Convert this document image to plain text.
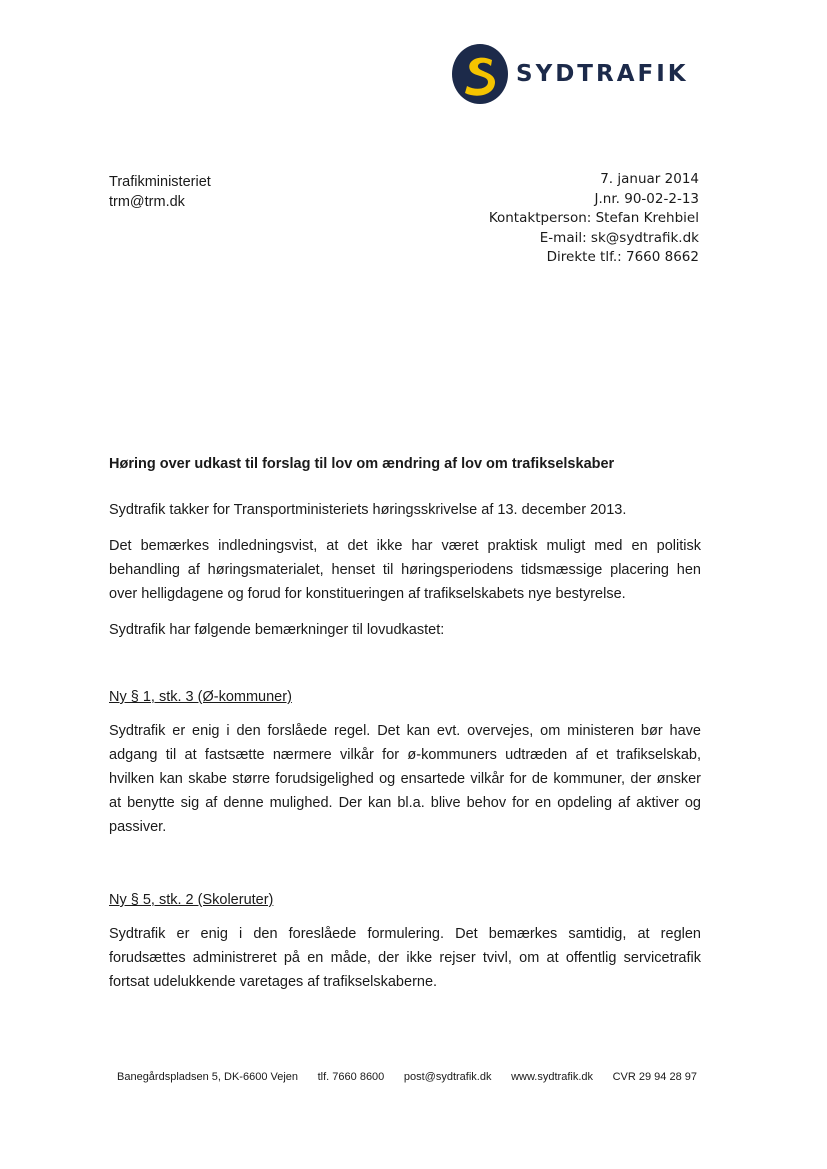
SYDTRAFIK
Trafikministeriet
trm@trm.dk
7. januar 2014
J.nr. 90-02-2-13
Kontaktperson: Stefan Krehbiel
E-mail: sk@sydtrafik.dk
Direkte tlf.: 7660 8662
Høring over udkast til forslag til lov om ændring af lov om trafikselskaber

Sydtrafik takker for Transportministeriets høringsskrivelse af 13. december 2013.

Det bemærkes indledningsvist, at det ikke har været praktisk muligt med en politisk behandling af høringsmaterialet, henset til høringsperiodens tidsmæssige placering hen over helligdagene og forud for konstitueringen af trafikselskabets nye bestyrelse.

Sydtrafik har følgende bemærkninger til lovudkastet:

Ny § 1, stk. 3 (Ø-kommuner)

Sydtrafik er enig i den forslåede regel. Det kan evt. overvejes, om ministeren bør have adgang til at fastsætte nærmere vilkår for ø-kommuners udtræden af et trafikselskab, hvilken kan skabe større forudsigelighed og ensartede vilkår for de kommuner, der ønsker at benytte sig af denne mulighed. Der kan bl.a. blive behov for en opdeling af aktiver og passiver.

Ny § 5, stk. 2 (Skoleruter)

Sydtrafik er enig i den foreslåede formulering. Det bemærkes samtidig, at reglen forudsættes administreret på en måde, der ikke rejser tvivl, om at offentlig servicetrafik fortsat udelukkende varetages af trafikselskaberne.

Banegårdspladsen 5, DK-6600 Vejen tlf. 7660 8600 post@sydtrafik.dk www.sydtrafik.dk CVR 29 94 28 97
